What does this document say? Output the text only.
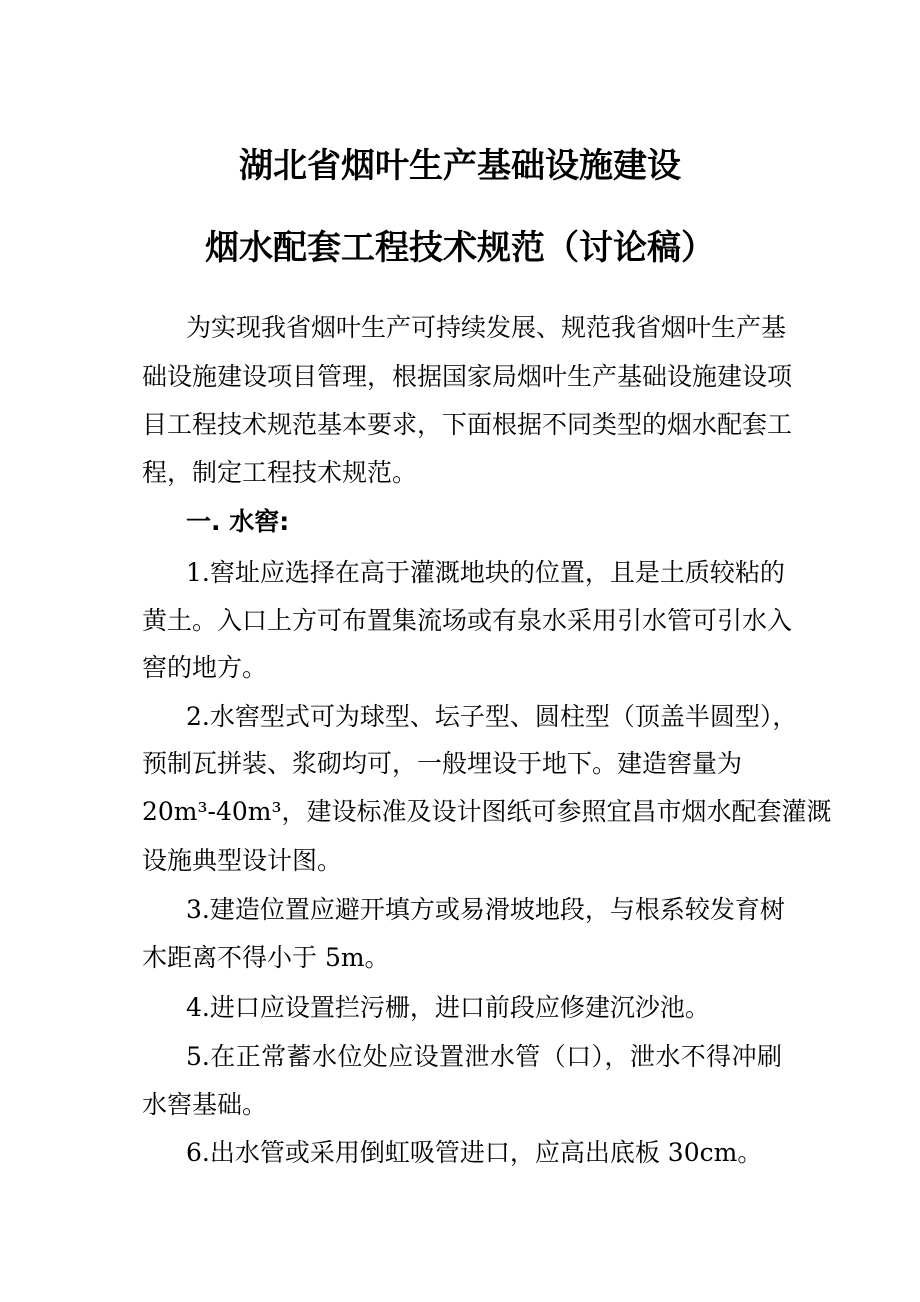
湖北省烟叶生产基础设施建设
烟水配套工程技术规范（讨论稿）
为实现我省烟叶生产可持续发展、规范我省烟叶生产基
础设施建设项目管理，根据国家局烟叶生产基础设施建设项
目工程技术规范基本要求，下面根据不同类型的烟水配套工
程，制定工程技术规范。
一. 水窖:
1.窖址应选择在高于灌溉地块的位置，且是土质较粘的
黄土。入口上方可布置集流场或有泉水采用引水管可引水入
窖的地方。
2.水窖型式可为球型、坛子型、圆柱型（顶盖半圆型），
预制瓦拼装、浆砌均可，一般埋设于地下。建造窖量为
20m³-40m³，建设标准及设计图纸可参照宜昌市烟水配套灌溉
设施典型设计图。
3.建造位置应避开填方或易滑坡地段，与根系较发育树
木距离不得小于 5m。
4.进口应设置拦污栅，进口前段应修建沉沙池。
5.在正常蓄水位处应设置泄水管（口），泄水不得冲刷
水窖基础。
6.出水管或采用倒虹吸管进口，应高出底板 30cm。
